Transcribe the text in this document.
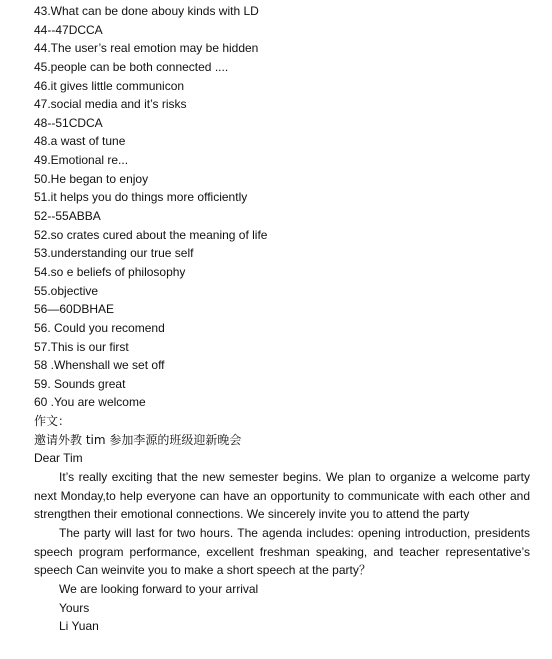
43.What can be done abouy kinds with LD
44--47DCCA
44.The user’s real emotion may be hidden
45.people can be both connected ....
46.it gives little communicon
47.social media and it’s risks
48--51CDCA
48.a wast of tune
49.Emotional re...
50.He began to enjoy
51.it helps you do things more officiently
52--55ABBA
52.so crates cured about the meaning of life
53.understanding our true self
54.so e beliefs of philosophy
55.objective
56—60DBHAE
56. Could you recomend
57.This is our first
58 .Whenshall we set off
59. Sounds great
60 .You are welcome
作文：
邀请外教 tim 参加李源的班级迎新晚会
Dear Tim

It’s really exciting that the new semester begins. We plan to organize a welcome party next Monday,to help everyone can have an opportunity to communicate with each other and strengthen their emotional connections. We sincerely invite you to attend the party

The party will last for two hours. The agenda includes: opening introduction, presidents speech program performance, excellent freshman speaking, and teacher representative’s speech Can weinvite you to make a short speech at the party？

We are looking forward to your arrival
Yours
Li Yuan
